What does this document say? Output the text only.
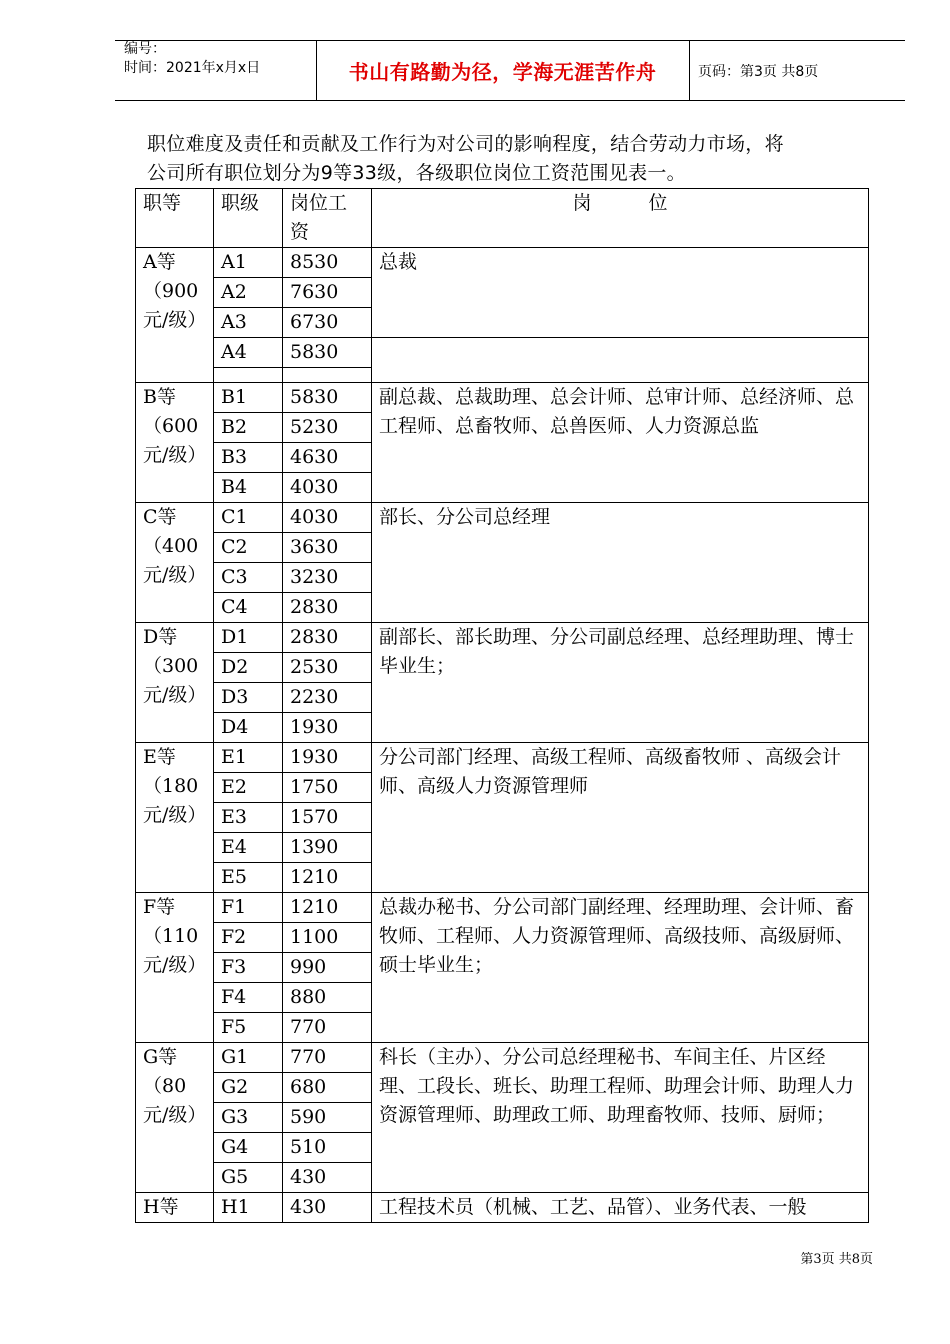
编号：
时间：2021年x月x日	书山有路勤为径，学海无涯苦作舟	页码：第3页 共8页
职位难度及责任和贡献及工作行为对公司的影响程度，结合劳动力市场，将
公司所有职位划分为9等33级，各级职位岗位工资范围见表一。
职等	职级	岗位工资	岗　　　位
A等（900元/级）	A1	8530	总裁
	A2	7630	
	A3	6730	
	A4	5830	

B等（600元/级）	B1	5830	副总裁、总裁助理、总会计师、总审计师、总经济师、总工程师、总畜牧师、总兽医师、人力资源总监
	B2	5230	
	B3	4630	
	B4	4030	
C等（400元/级）	C1	4030	部长、分公司总经理
	C2	3630	
	C3	3230	
	C4	2830	
D等（300元/级）	D1	2830	副部长、部长助理、分公司副总经理、总经理助理、博士毕业生；
	D2	2530	
	D3	2230	
	D4	1930	
E等（180元/级）	E1	1930	分公司部门经理、高级工程师、高级畜牧师 、高级会计师、高级人力资源管理师
	E2	1750	
	E3	1570	
	E4	1390	
	E5	1210	
F等（110元/级）	F1	1210	总裁办秘书、分公司部门副经理、经理助理、会计师、畜牧师、工程师、人力资源管理师、高级技师、高级厨师、硕士毕业生；
	F2	1100	
	F3	990	
	F4	880	
	F5	770	
G等（80元/级）	G1	770	科长（主办）、分公司总经理秘书、车间主任、片区经理、工段长、班长、助理工程师、助理会计师、助理人力资源管理师、助理政工师、助理畜牧师、技师、厨师；
	G2	680	
	G3	590	
	G4	510	
	G5	430	
H等	H1	430	工程技术员（机械、工艺、品管）、业务代表、一般
第3页 共8页
